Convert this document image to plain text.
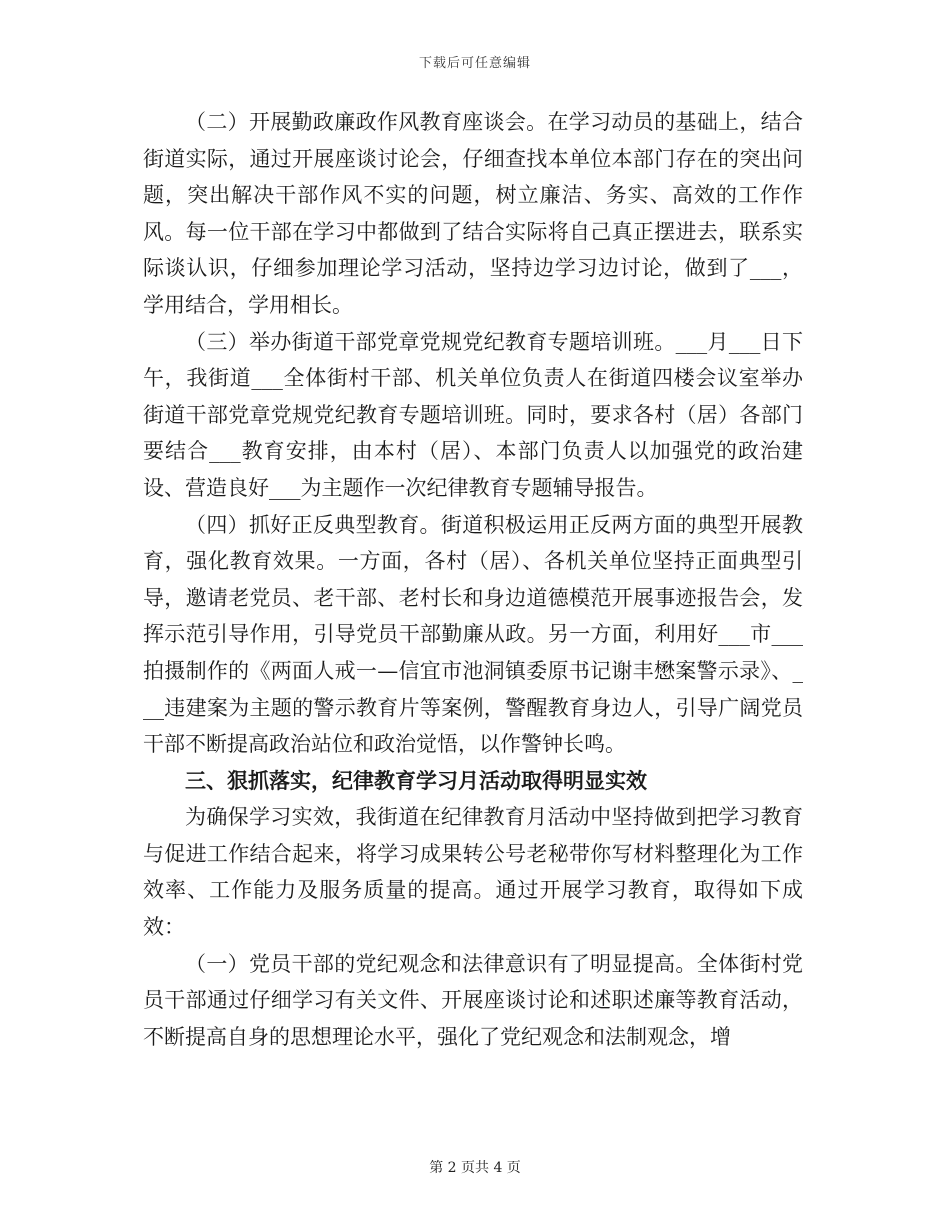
下载后可任意编辑

（二）开展勤政廉政作风教育座谈会。在学习动员的基础上，结合街道实际，通过开展座谈讨论会，仔细查找本单位本部门存在的突出问题，突出解决干部作风不实的问题，树立廉洁、务实、高效的工作作风。每一位干部在学习中都做到了结合实际将自己真正摆进去，联系实际谈认识，仔细参加理论学习活动，坚持边学习边讨论，做到了___，学用结合，学用相长。

（三）举办街道干部党章党规党纪教育专题培训班。___月___日下午，我街道___全体街村干部、机关单位负责人在街道四楼会议室举办街道干部党章党规党纪教育专题培训班。同时，要求各村（居）各部门要结合___教育安排，由本村（居）、本部门负责人以加强党的政治建设、营造良好___为主题作一次纪律教育专题辅导报告。

（四）抓好正反典型教育。街道积极运用正反两方面的典型开展教育，强化教育效果。一方面，各村（居）、各机关单位坚持正面典型引导，邀请老党员、老干部、老村长和身边道德模范开展事迹报告会，发挥示范引导作用，引导党员干部勤廉从政。另一方面，利用好___市___拍摄制作的《两面人戒一—信宜市池洞镇委原书记谢丰懋案警示录》、___违建案为主题的警示教育片等案例，警醒教育身边人，引导广阔党员干部不断提高政治站位和政治觉悟，以作警钟长鸣。

三、狠抓落实，纪律教育学习月活动取得明显实效

为确保学习实效，我街道在纪律教育月活动中坚持做到把学习教育与促进工作结合起来，将学习成果转公号老秘带你写材料整理化为工作效率、工作能力及服务质量的提高。通过开展学习教育，取得如下成效：

（一）党员干部的党纪观念和法律意识有了明显提高。全体街村党员干部通过仔细学习有关文件、开展座谈讨论和述职述廉等教育活动，不断提高自身的思想理论水平，强化了党纪观念和法制观念，增

第 2 页共 4 页
